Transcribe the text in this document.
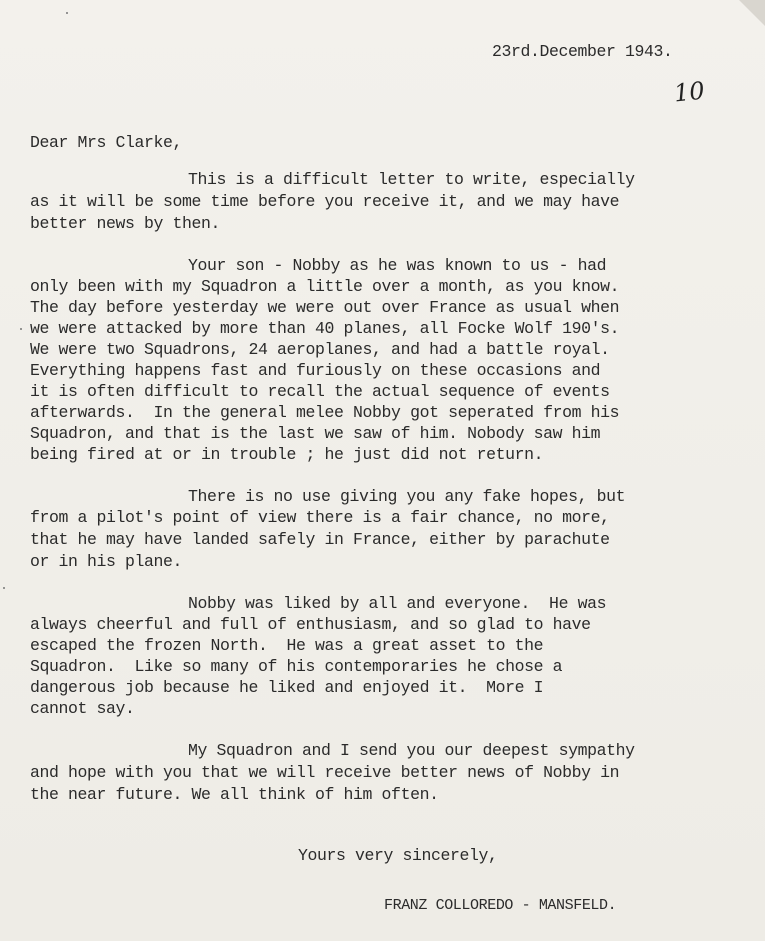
23rd.December 1943.
10
Dear Mrs Clarke,
This is a difficult letter to write, especially
as it will be some time before you receive it, and we may have
better news by then.
Your son - Nobby as he was known to us - had
only been with my Squadron a little over a month, as you know.
The day before yesterday we were out over France as usual when
we were attacked by more than 40 planes, all Focke Wolf 190's.
We were two Squadrons, 24 aeroplanes, and had a battle royal.
Everything happens fast and furiously on these occasions and
it is often difficult to recall the actual sequence of events
afterwards.  In the general melee Nobby got seperated from his
Squadron, and that is the last we saw of him. Nobody saw him
being fired at or in trouble ; he just did not return.
There is no use giving you any fake hopes, but
from a pilot's point of view there is a fair chance, no more,
that he may have landed safely in France, either by parachute
or in his plane.
Nobby was liked by all and everyone.  He was
always cheerful and full of enthusiasm, and so glad to have
escaped the frozen North.  He was a great asset to the
Squadron.  Like so many of his contemporaries he chose a
dangerous job because he liked and enjoyed it.  More I
cannot say.
My Squadron and I send you our deepest sympathy
and hope with you that we will receive better news of Nobby in
the near future. We all think of him often.
Yours very sincerely,
FRANZ COLLOREDO - MANSFELD.
